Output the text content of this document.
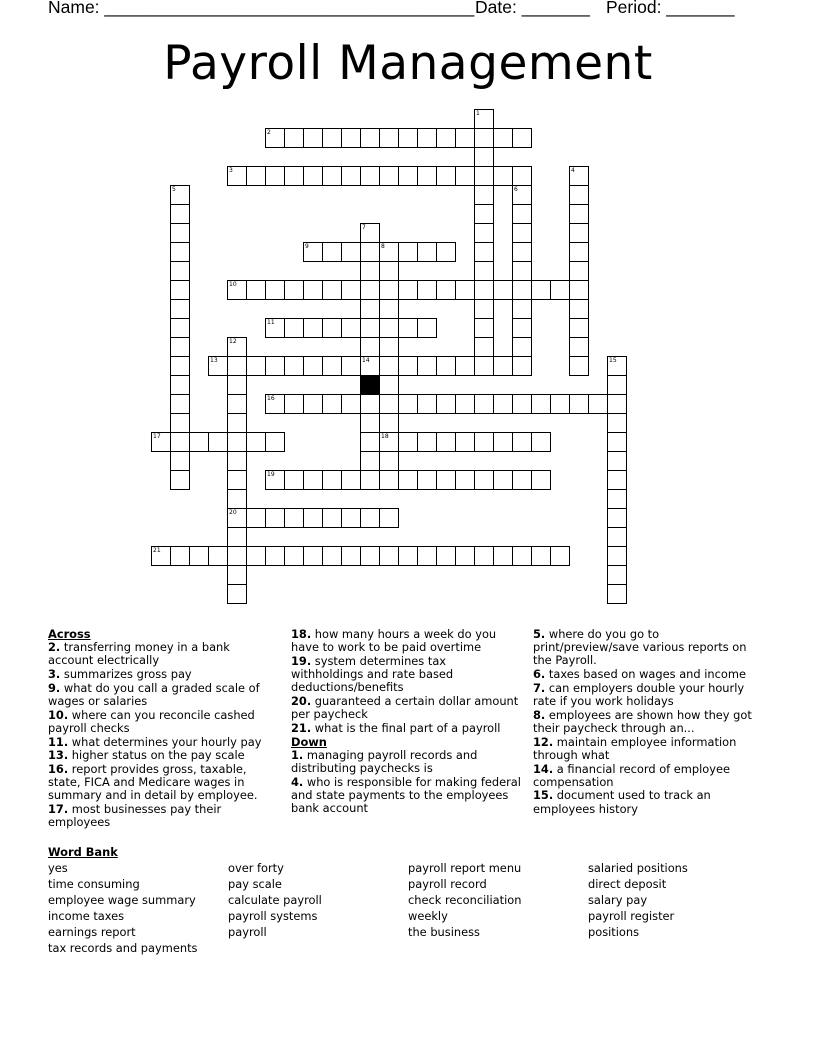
Name: ______________________________________ Date: _______ Period: _______
Payroll Management
1
2
3	4
5	6
7
14
8
18
9
10
11
12
20
13	15
16
17
19
21
Across
2. transferring money in a bank account electrically
3. summarizes gross pay
9. what do you call a graded scale of wages or salaries
10. where can you reconcile cashed payroll checks
11. what determines your hourly pay
13. higher status on the pay scale
16. report provides gross, taxable, state, FICA and Medicare wages in summary and in detail by employee.
17. most businesses pay their employees
18. how many hours a week do you have to work to be paid overtime
19. system determines tax withholdings and rate based deductions/benefits
20. guaranteed a certain dollar amount per paycheck
21. what is the final part of a payroll
Down
1. managing payroll records and distributing paychecks is
4. who is responsible for making federal and state payments to the employees bank account
5. where do you go to print/preview/save various reports on the Payroll.
6. taxes based on wages and income
7. can employers double your hourly rate if you work holidays
8. employees are shown how they got their paycheck through an...
12. maintain employee information through what
14. a financial record of employee compensation
15. document used to track an employees history
Word Bank
yes
time consuming
employee wage summary
income taxes
earnings report
tax records and payments
over forty
pay scale
calculate payroll
payroll systems
payroll
payroll report menu
payroll record
check reconciliation
weekly
the business
salaried positions
direct deposit
salary pay
payroll register
positions
